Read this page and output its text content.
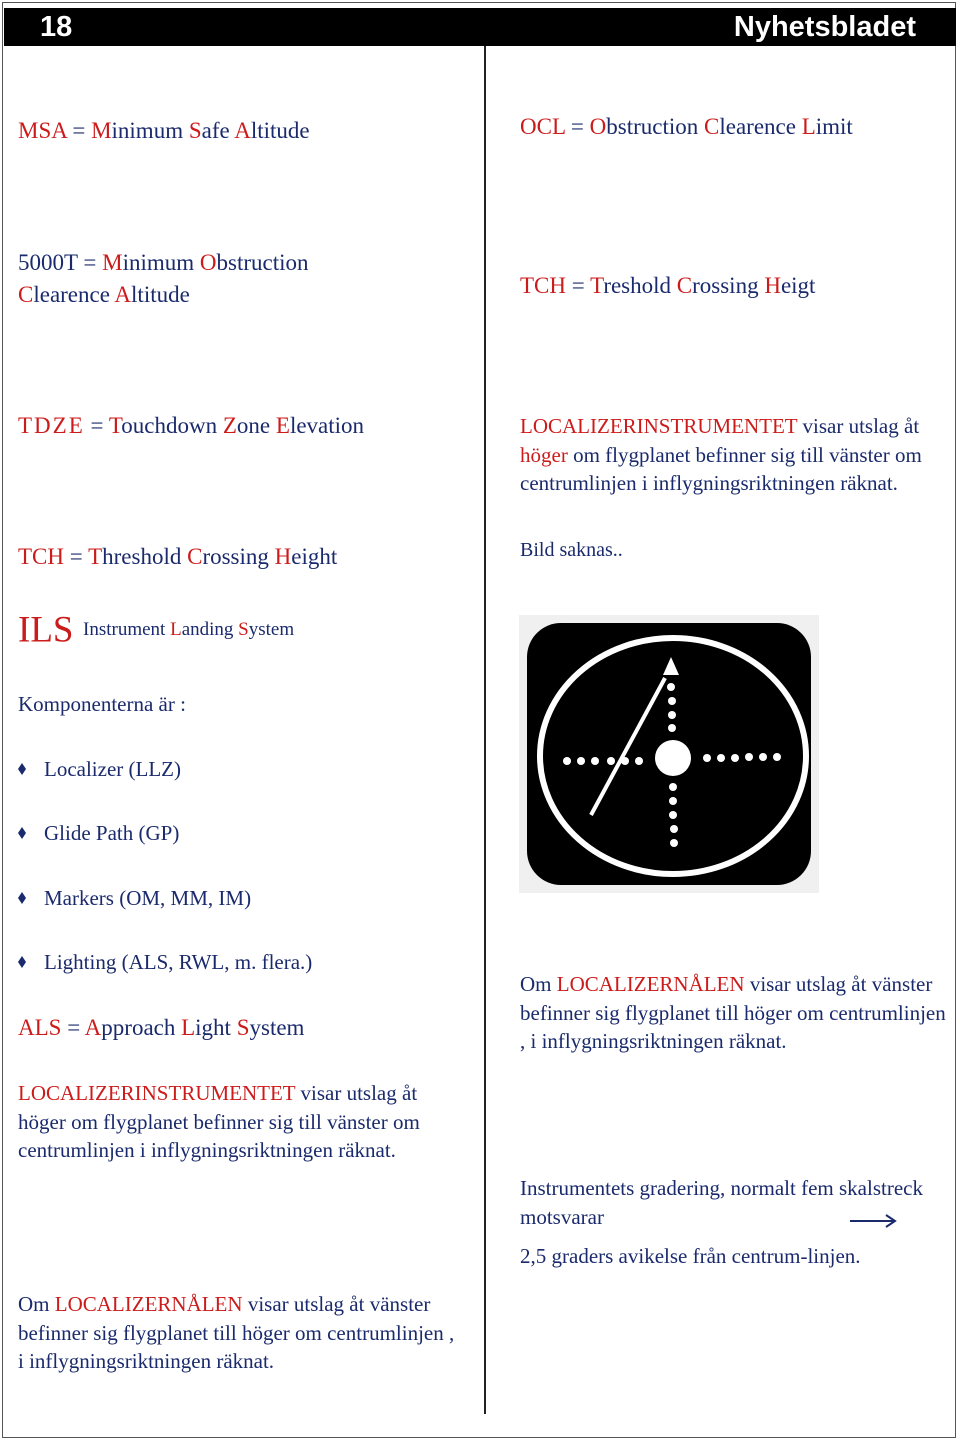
18	Nyhetsbladet

MSA = Minimum Safe Altitude

5000T = Minimum Obstruction
Clearence Altitude

TDZE = Touchdown Zone Elevation

TCH = Threshold Crossing Height

ILS Instrument Landing System

Komponenterna är :

Localizer (LLZ)
Glide Path (GP)
Markers (OM, MM, IM)
Lighting (ALS, RWL, m. flera.)

ALS = Approach Light System

LOCALIZERINSTRUMENTET visar utslag åt höger om flygplanet befinner sig till vänster om centrumlinjen i inflygningsriktningen räknat.

Om LOCALIZERNÅLEN visar utslag åt vänster befinner sig flygplanet till höger om centrumlinjen , i inflygningsriktningen räknat.

OCL = Obstruction Clearence Limit

TCH = Treshold Crossing Heigt

LOCALIZERINSTRUMENTET visar utslag åt höger om flygplanet befinner sig till vänster om centrumlinjen i inflygningsriktningen räknat.

Bild saknas..

Om LOCALIZERNÅLEN visar utslag åt vänster befinner sig flygplanet till höger om centrumlinjen , i inflygningsriktningen räknat.

Instrumentets gradering, normalt fem skalstreck motsvarar

2,5 graders avikelse från centrum-linjen.
